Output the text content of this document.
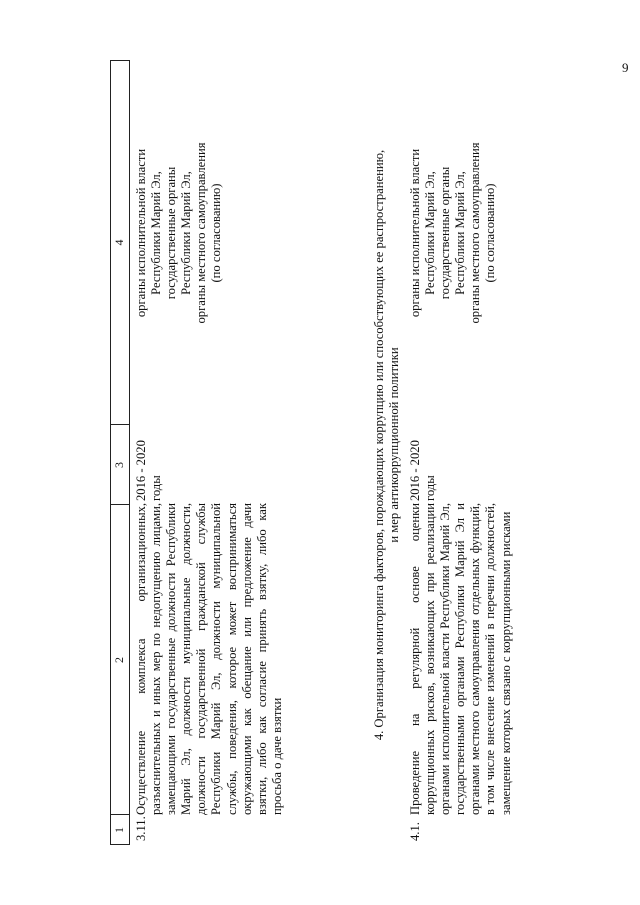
9
1
2
3
4
3.11.
Осуществление комплекса организационных, разъяснительных и иных мер по недопущению лицами, замещающими государственные должности Республики Марий Эл, должности муниципальные должности, должности государственной гражданской службы Республики Марий Эл, должности муниципальной службы, поведения, которое может восприниматься окружающими как обещание или предложение дачи взятки, либо как согласие принять взятку, либо как просьба о даче взятки
2016 - 2020 годы
органы исполнительной власти Республики Марий Эл, государственные органы Республики Марий Эл, органы местного самоуправления (по согласованию)	4. Организация мониторинга факторов, порождающих коррупцию или способствующих ее распространению, и мер антикоррупционной политики
4.1.
Проведение на регулярной основе оценки коррупционных рисков, возникающих при реализации органами исполнительной власти Республики Марий Эл, государственными органами Республики Марий Эл и органами местного самоуправления отдельных функций, в том числе внесение изменений в перечни должностей, замещение которых связано с коррупционными рисками
2016 - 2020 годы
органы исполнительной власти Республики Марий Эл, государственные органы Республики Марий Эл, органы местного самоуправления (по согласованию)
